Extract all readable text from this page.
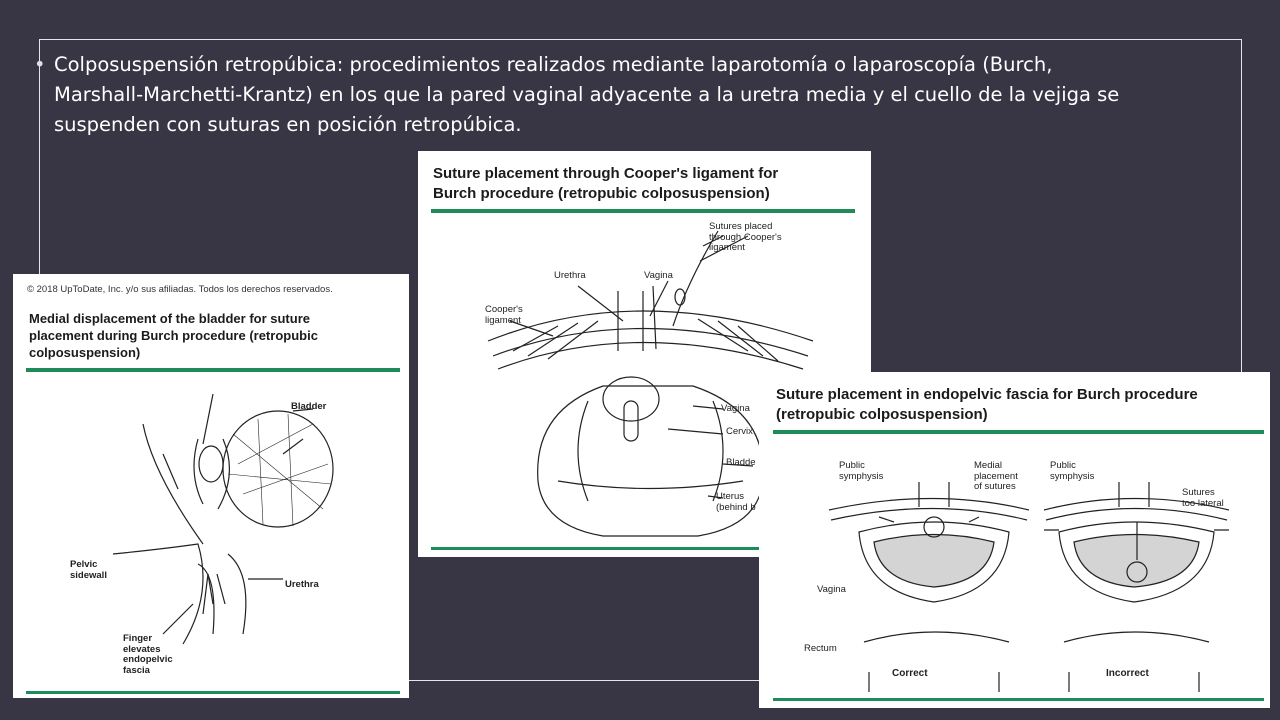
• Colposuspensión retropúbica: procedimientos realizados mediante laparotomía o laparoscopía (Burch,
Marshall-Marchetti-Krantz) en los que la pared vaginal adyacente a la uretra media y el cuello de la vejiga se
suspenden con suturas en posición retropúbica.
Suture placement through Cooper's ligament for
Burch procedure (retropubic colposuspension)
Sutures placed
through Cooper's
ligament
Urethra	Vagina
Cooper's
ligament
Vagina
Cervix
Bladde
Uterus
(behind b
© 2018 UpToDate, Inc. y/o sus afiliadas. Todos los derechos reservados.
Medial displacement of the bladder for suture
placement during Burch procedure (retropubic
colposuspension)
Bladder
Pelvic
sidewall
Urethra
Finger
elevates
endopelvic
fascia
Suture placement in endopelvic fascia for Burch procedure
(retropubic colposuspension)
Public
symphysis
Medial
placement
of sutures
Public
symphysis
Sutures
too lateral
Vagina
Rectum
Correct	Incorrect
